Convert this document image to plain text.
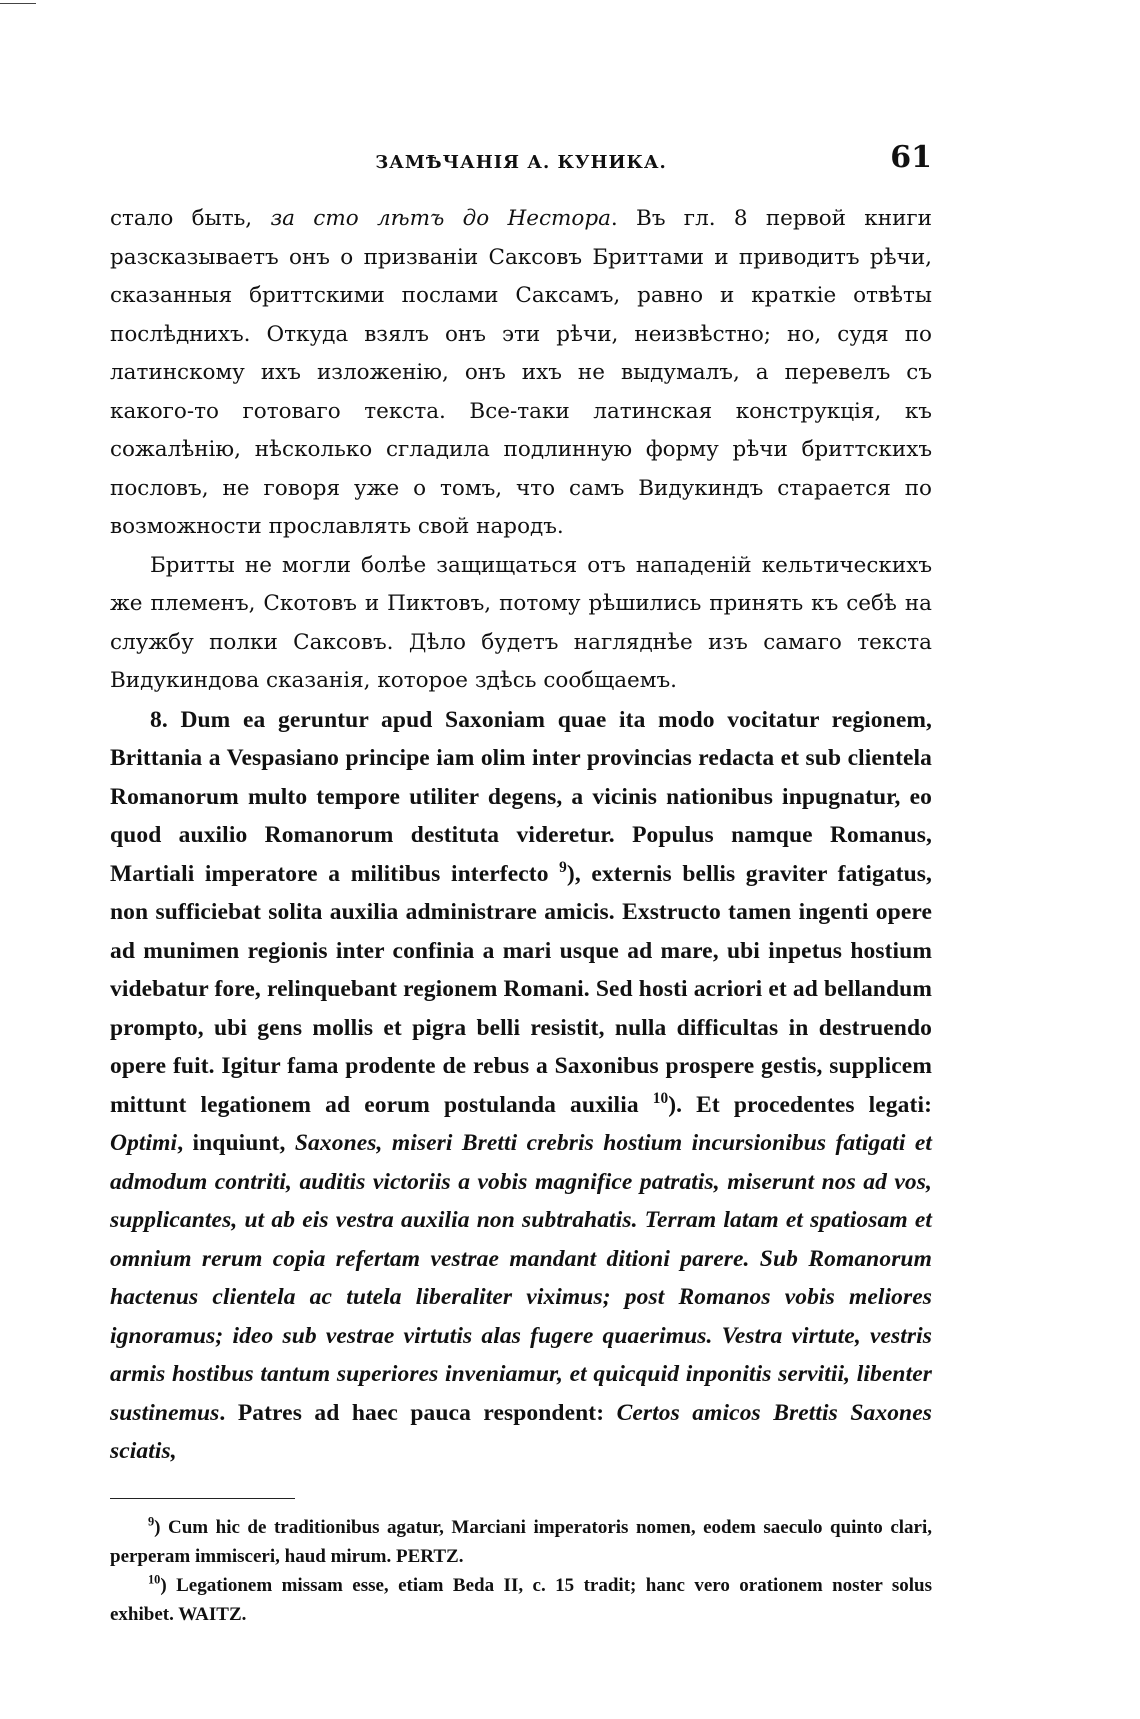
ЗАМѢЧАНІЯ А. КУНИКА.	61

стало быть, за сто лѣтъ до Нестора. Въ гл. 8 первой книги разсказываетъ онъ о призваніи Саксовъ Бриттами и приводитъ рѣчи, сказанныя бриттскими послами Саксамъ, равно и краткіе отвѣты послѣднихъ. Откуда взялъ онъ эти рѣчи, неизвѣстно; но, судя по латинскому ихъ изложенію, онъ ихъ не выдумалъ, а перевелъ съ какого-то готоваго текста. Все-таки латинская конструкція, къ сожалѣнію, нѣсколько сгладила подлинную форму рѣчи бриттскихъ пословъ, не говоря уже о томъ, что самъ Видукиндъ старается по возможности прославлять свой народъ.

Бритты не могли болѣе защищаться отъ нападеній кельтическихъ же племенъ, Скотовъ и Пиктовъ, потому рѣшились принять къ себѣ на службу полки Саксовъ. Дѣло будетъ нагляднѣе изъ самаго текста Видукиндова сказанія, которое здѣсь сообщаемъ.

8. Dum ea geruntur apud Saxoniam quae ita modo vocitatur regionem, Brittania a Vespasiano principe iam olim inter provincias redacta et sub clientela Romanorum multo tempore utiliter degens, a vicinis nationibus inpugnatur, eo quod auxilio Romanorum destituta videretur. Populus namque Romanus, Martiali imperatore a militibus interfecto $^9$), externis bellis graviter fatigatus, non sufficiebat solita auxilia administrare amicis. Exstructo tamen ingenti opere ad munimen regionis inter confinia a mari usque ad mare, ubi inpetus hostium videbatur fore, relinquebant regionem Romani. Sed hosti acriori et ad bellandum prompto, ubi gens mollis et pigra belli resistit, nulla difficultas in destruendo opere fuit. Igitur fama prodente de rebus a Saxonibus prospere gestis, supplicem mittunt legationem ad eorum postulanda auxilia $^{10}$). Et procedentes legati: Optimi, inquiunt, Saxones, miseri Bretti crebris hostium incursionibus fatigati et admodum contriti, auditis victoriis a vobis magnifice patratis, miserunt nos ad vos, supplicantes, ut ab eis vestra auxilia non subtrahatis. Terram latam et spatiosam et omnium rerum copia refertam vestrae mandant ditioni parere. Sub Romanorum hactenus clientela ac tutela liberaliter viximus; post Romanos vobis meliores ignoramus; ideo sub vestrae virtutis alas fugere quaerimus. Vestra virtute, vestris armis hostibus tantum superiores inveniamur, et quicquid inponitis servitii, libenter sustinemus. Patres ad haec pauca respondent: Certos amicos Brettis Saxones sciatis,

$^9$) Cum hic de traditionibus agatur, Marciani imperatoris nomen, eodem saeculo quinto clari, perperam immiscerі, haud mirum. PERTZ.

$^{10}$) Legationem missam esse, etiam Beda II, c. 15 tradit; hanc vero orationem noster solus exhibet. WAITZ.
